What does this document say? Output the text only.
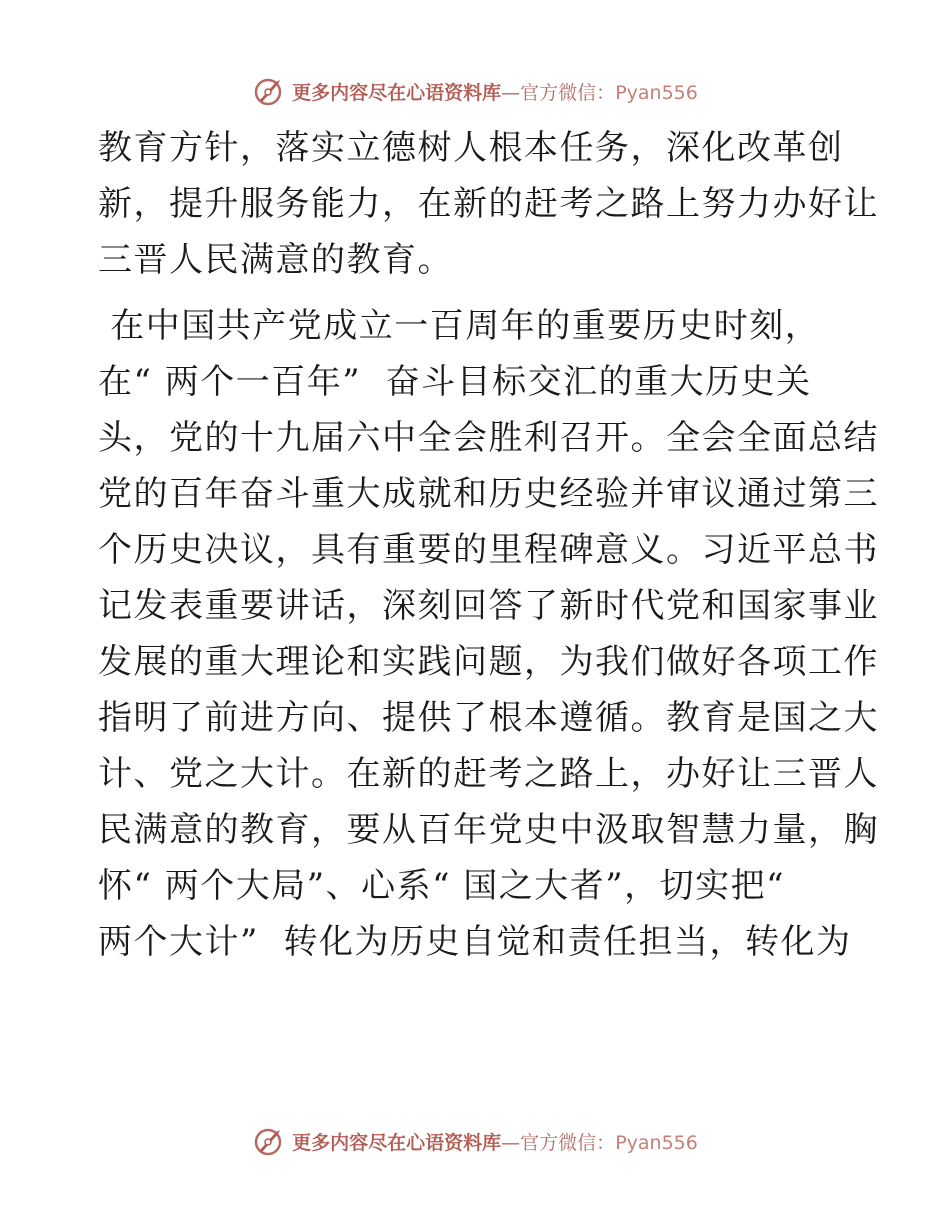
更多内容尽在心语资料库—官方微信：Pyan556

教育方针，落实立德树人根本任务，深化改革创
新，提升服务能力，在新的赶考之路上努力办好让
三晋人民满意的教育。

在中国共产党成立一百周年的重要历史时刻，
在“ 两个一百年”  奋斗目标交汇的重大历史关
头，党的十九届六中全会胜利召开。全会全面总结
党的百年奋斗重大成就和历史经验并审议通过第三
个历史决议，具有重要的里程碑意义。习近平总书
记发表重要讲话，深刻回答了新时代党和国家事业
发展的重大理论和实践问题，为我们做好各项工作
指明了前进方向、提供了根本遵循。教育是国之大
计、党之大计。在新的赶考之路上，办好让三晋人
民满意的教育，要从百年党史中汲取智慧力量，胸
怀“ 两个大局”、心系“ 国之大者”，切实把“
两个大计”  转化为历史自觉和责任担当，转化为

更多内容尽在心语资料库—官方微信：Pyan556
